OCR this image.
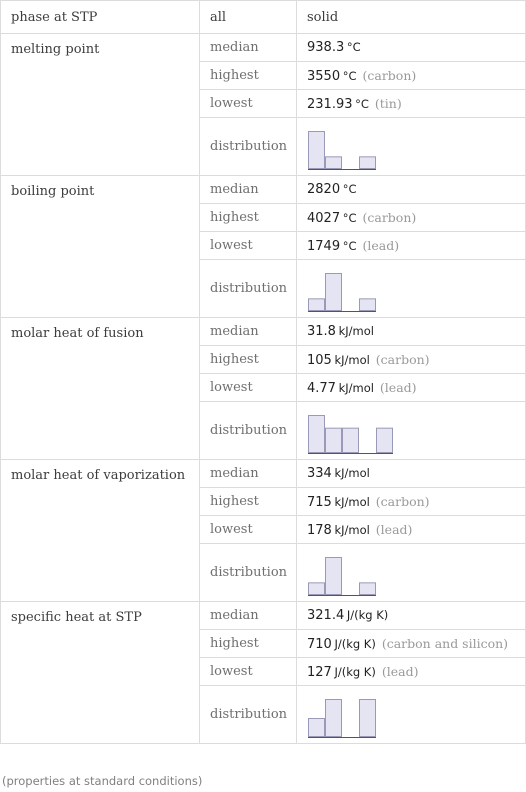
phase at STP	all	solid
melting point	median	938.3  °C
	highest	3550  °C (carbon)
	lowest	231.93  °C (tin)
	distribution	

boiling point	median	2820  °C
	highest	4027  °C (carbon)
	lowest	1749  °C (lead)
	distribution	

molar heat of fusion	median	31.8  kJ/mol
	highest	105  kJ/mol (carbon)
	lowest	4.77  kJ/mol (lead)
	distribution	

molar heat of vaporization	median	334  kJ/mol
	highest	715  kJ/mol (carbon)
	lowest	178  kJ/mol (lead)
	distribution	

specific heat at STP	median	321.4  J/(kg K)
	highest	710  J/(kg K) (carbon and silicon)
	lowest	127  J/(kg K) (lead)
	distribution	
(properties at standard conditions)
